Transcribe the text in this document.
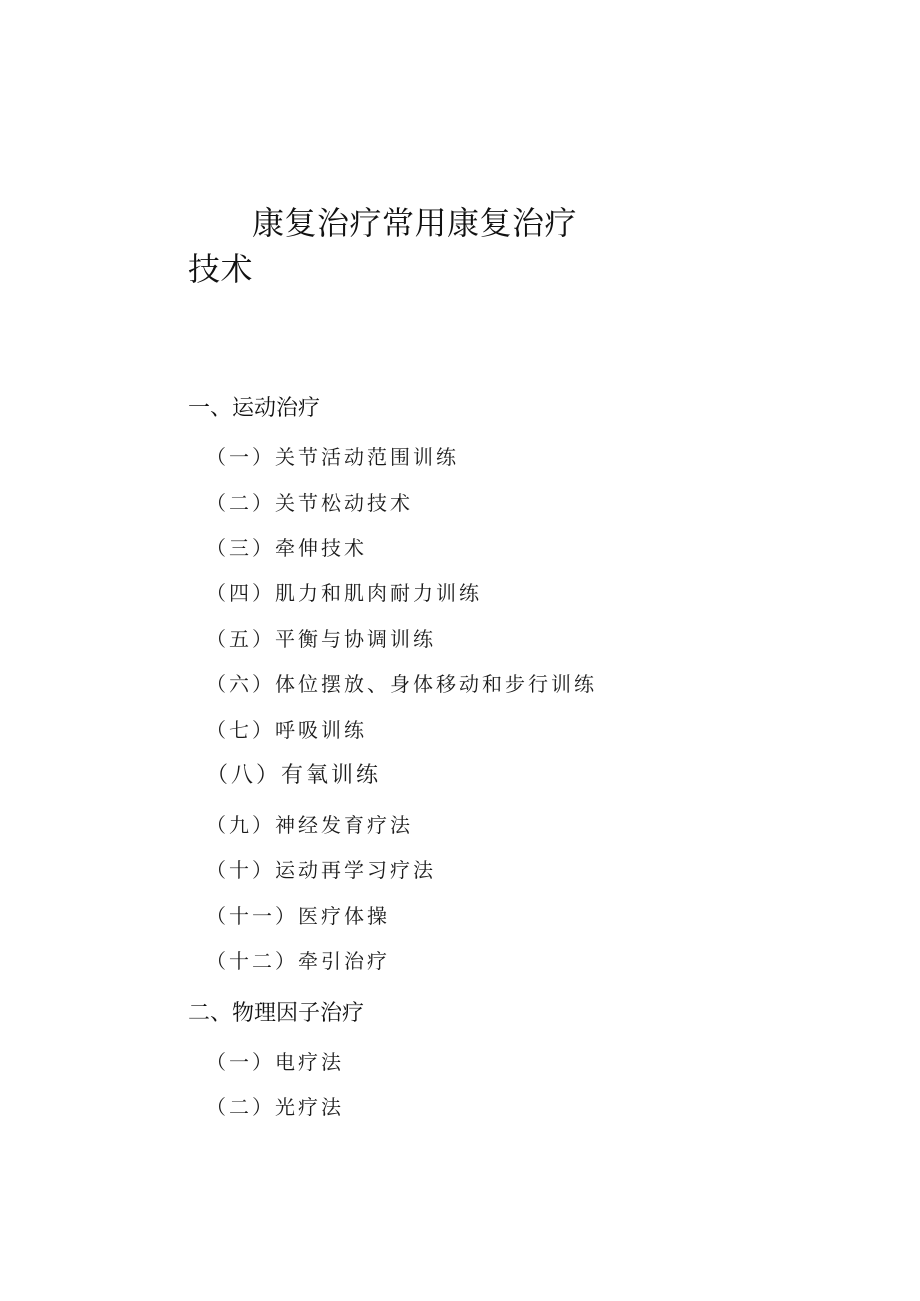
康复治疗常用康复治疗
技术
一、运动治疗
（一）关节活动范围训练
（二）关节松动技术
（三）牵伸技术
（四）肌力和肌肉耐力训练
（五）平衡与协调训练
（六）体位摆放、身体移动和步行训练
（七）呼吸训练
（八）有氧训练
（九）神经发育疗法
（十）运动再学习疗法
（十一）医疗体操
（十二）牵引治疗
二、物理因子治疗
（一）电疗法
（二）光疗法
